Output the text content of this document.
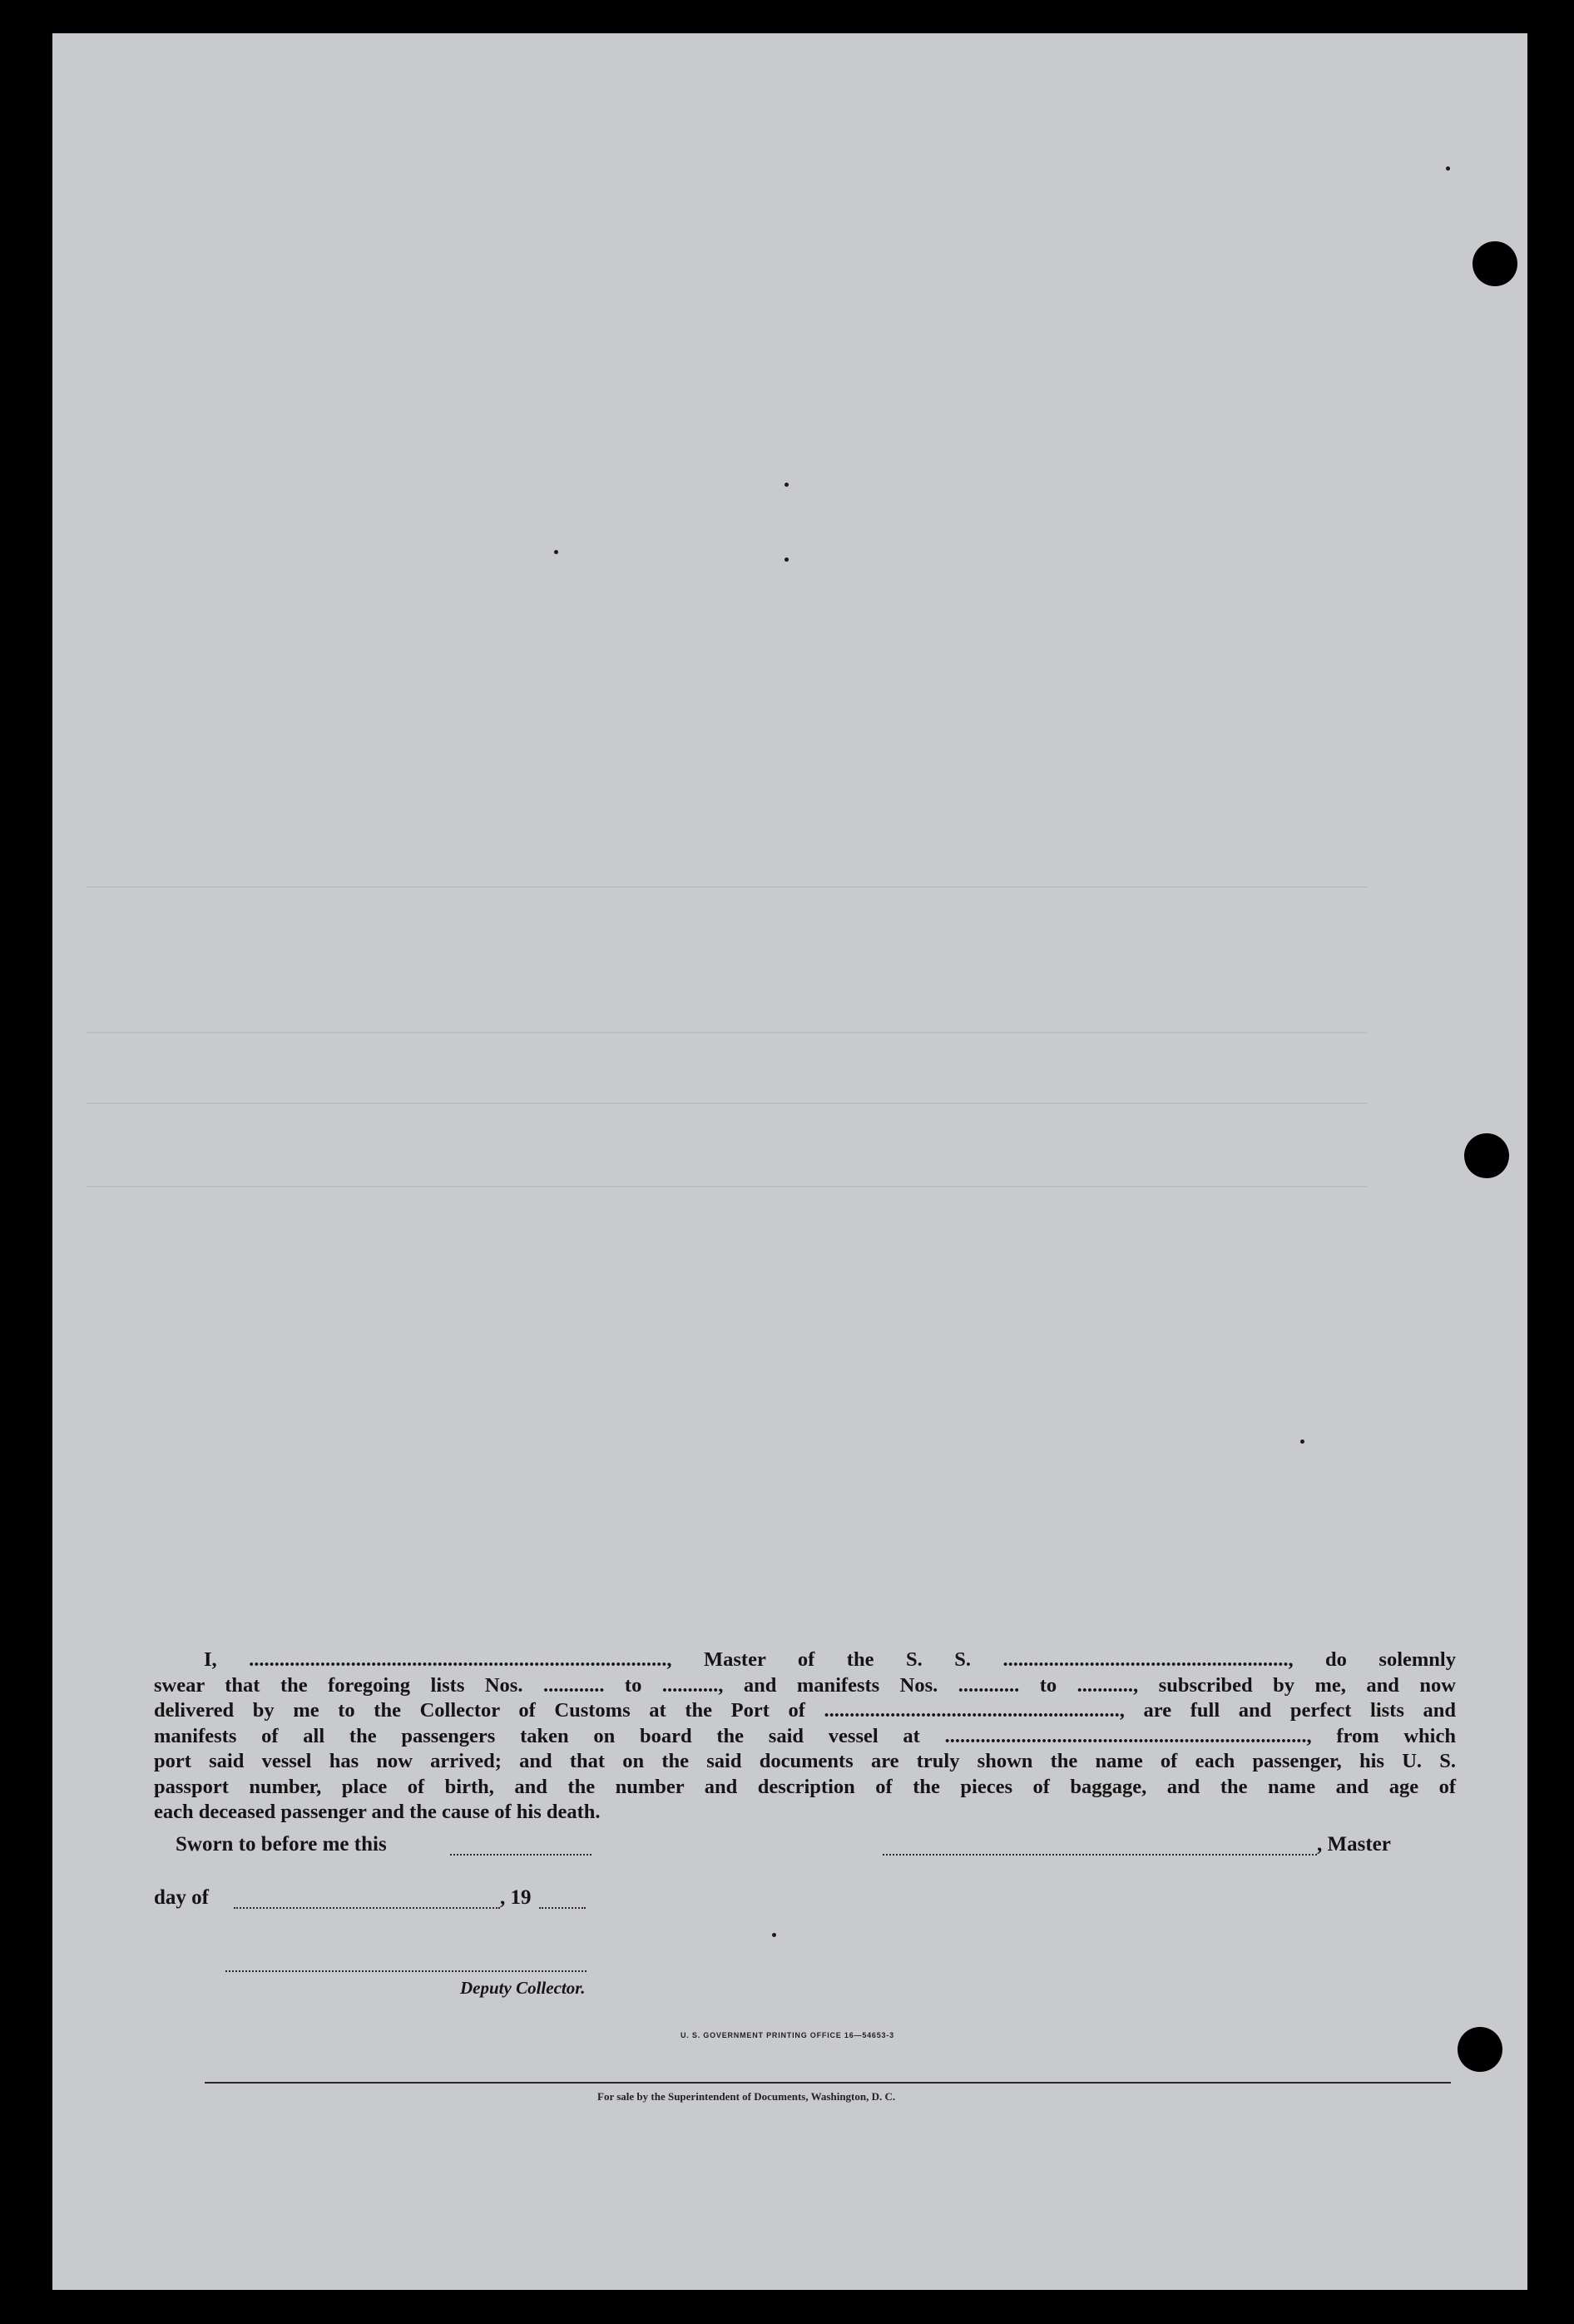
I, .................................................................................., Master of the S. S. ........................................................, do solemnly
swear that the foregoing lists Nos. ............ to ..........., and manifests Nos. ............ to ..........., subscribed by me, and now
delivered by me to the Collector of Customs at the Port of .........................................................., are full and perfect lists and
manifests of all the passengers taken on board the said vessel at ......................................................................., from which
port said vessel has now arrived; and that on the said documents are truly shown the name of each passenger, his U. S.
passport number, place of birth, and the number and description of the pieces of baggage, and the name and age of
each deceased passenger and the cause of his death.
Sworn to before me this	, Master
day of	, 19
Deputy Collector.
U. S. GOVERNMENT PRINTING OFFICE 16—54653-3
For sale by the Superintendent of Documents, Washington, D. C.
